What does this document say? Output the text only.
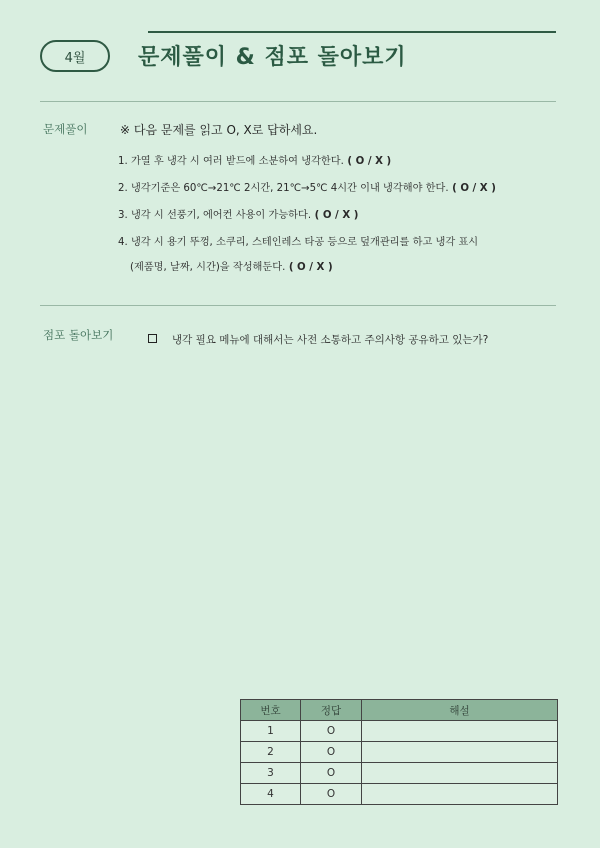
4월 문제풀이 & 점포 돌아보기
문제풀이	※ 다음 문제를 읽고 O, X로 답하세요.
1. 가열 후 냉각 시 여러 받드에 소분하여 냉각한다. ( O / X )
2. 냉각기준은 60℃→21℃ 2시간, 21℃→5℃ 4시간 이내 냉각해야 한다. ( O / X )
3. 냉각 시 선풍기, 에어컨 사용이 가능하다. ( O / X )
4. 냉각 시 용기 뚜껑, 소쿠리, 스테인레스 타공 등으로 덮개관리를 하고 냉각 표시
(제품명, 날짜, 시간)을 작성해둔다. ( O / X )
점포 돌아보기	냉각 필요 메뉴에 대해서는 사전 소통하고 주의사항 공유하고 있는가?
번호	정답	해설
1	O	
2	O	
3	O	
4	O	
